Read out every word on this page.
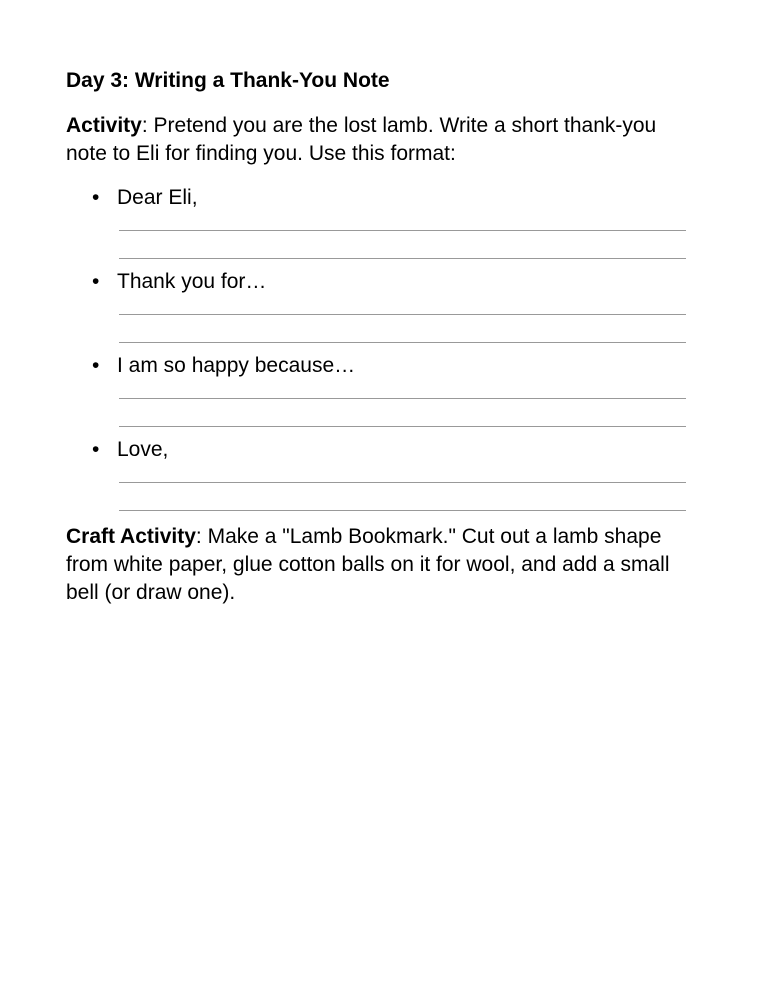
Day 3: Writing a Thank-You Note

Activity: Pretend you are the lost lamb. Write a short thank-you note to Eli for finding you. Use this format:

• Dear Eli,
• Thank you for…
• I am so happy because…
• Love,

Craft Activity: Make a "Lamb Bookmark." Cut out a lamb shape from white paper, glue cotton balls on it for wool, and add a small bell (or draw one).
